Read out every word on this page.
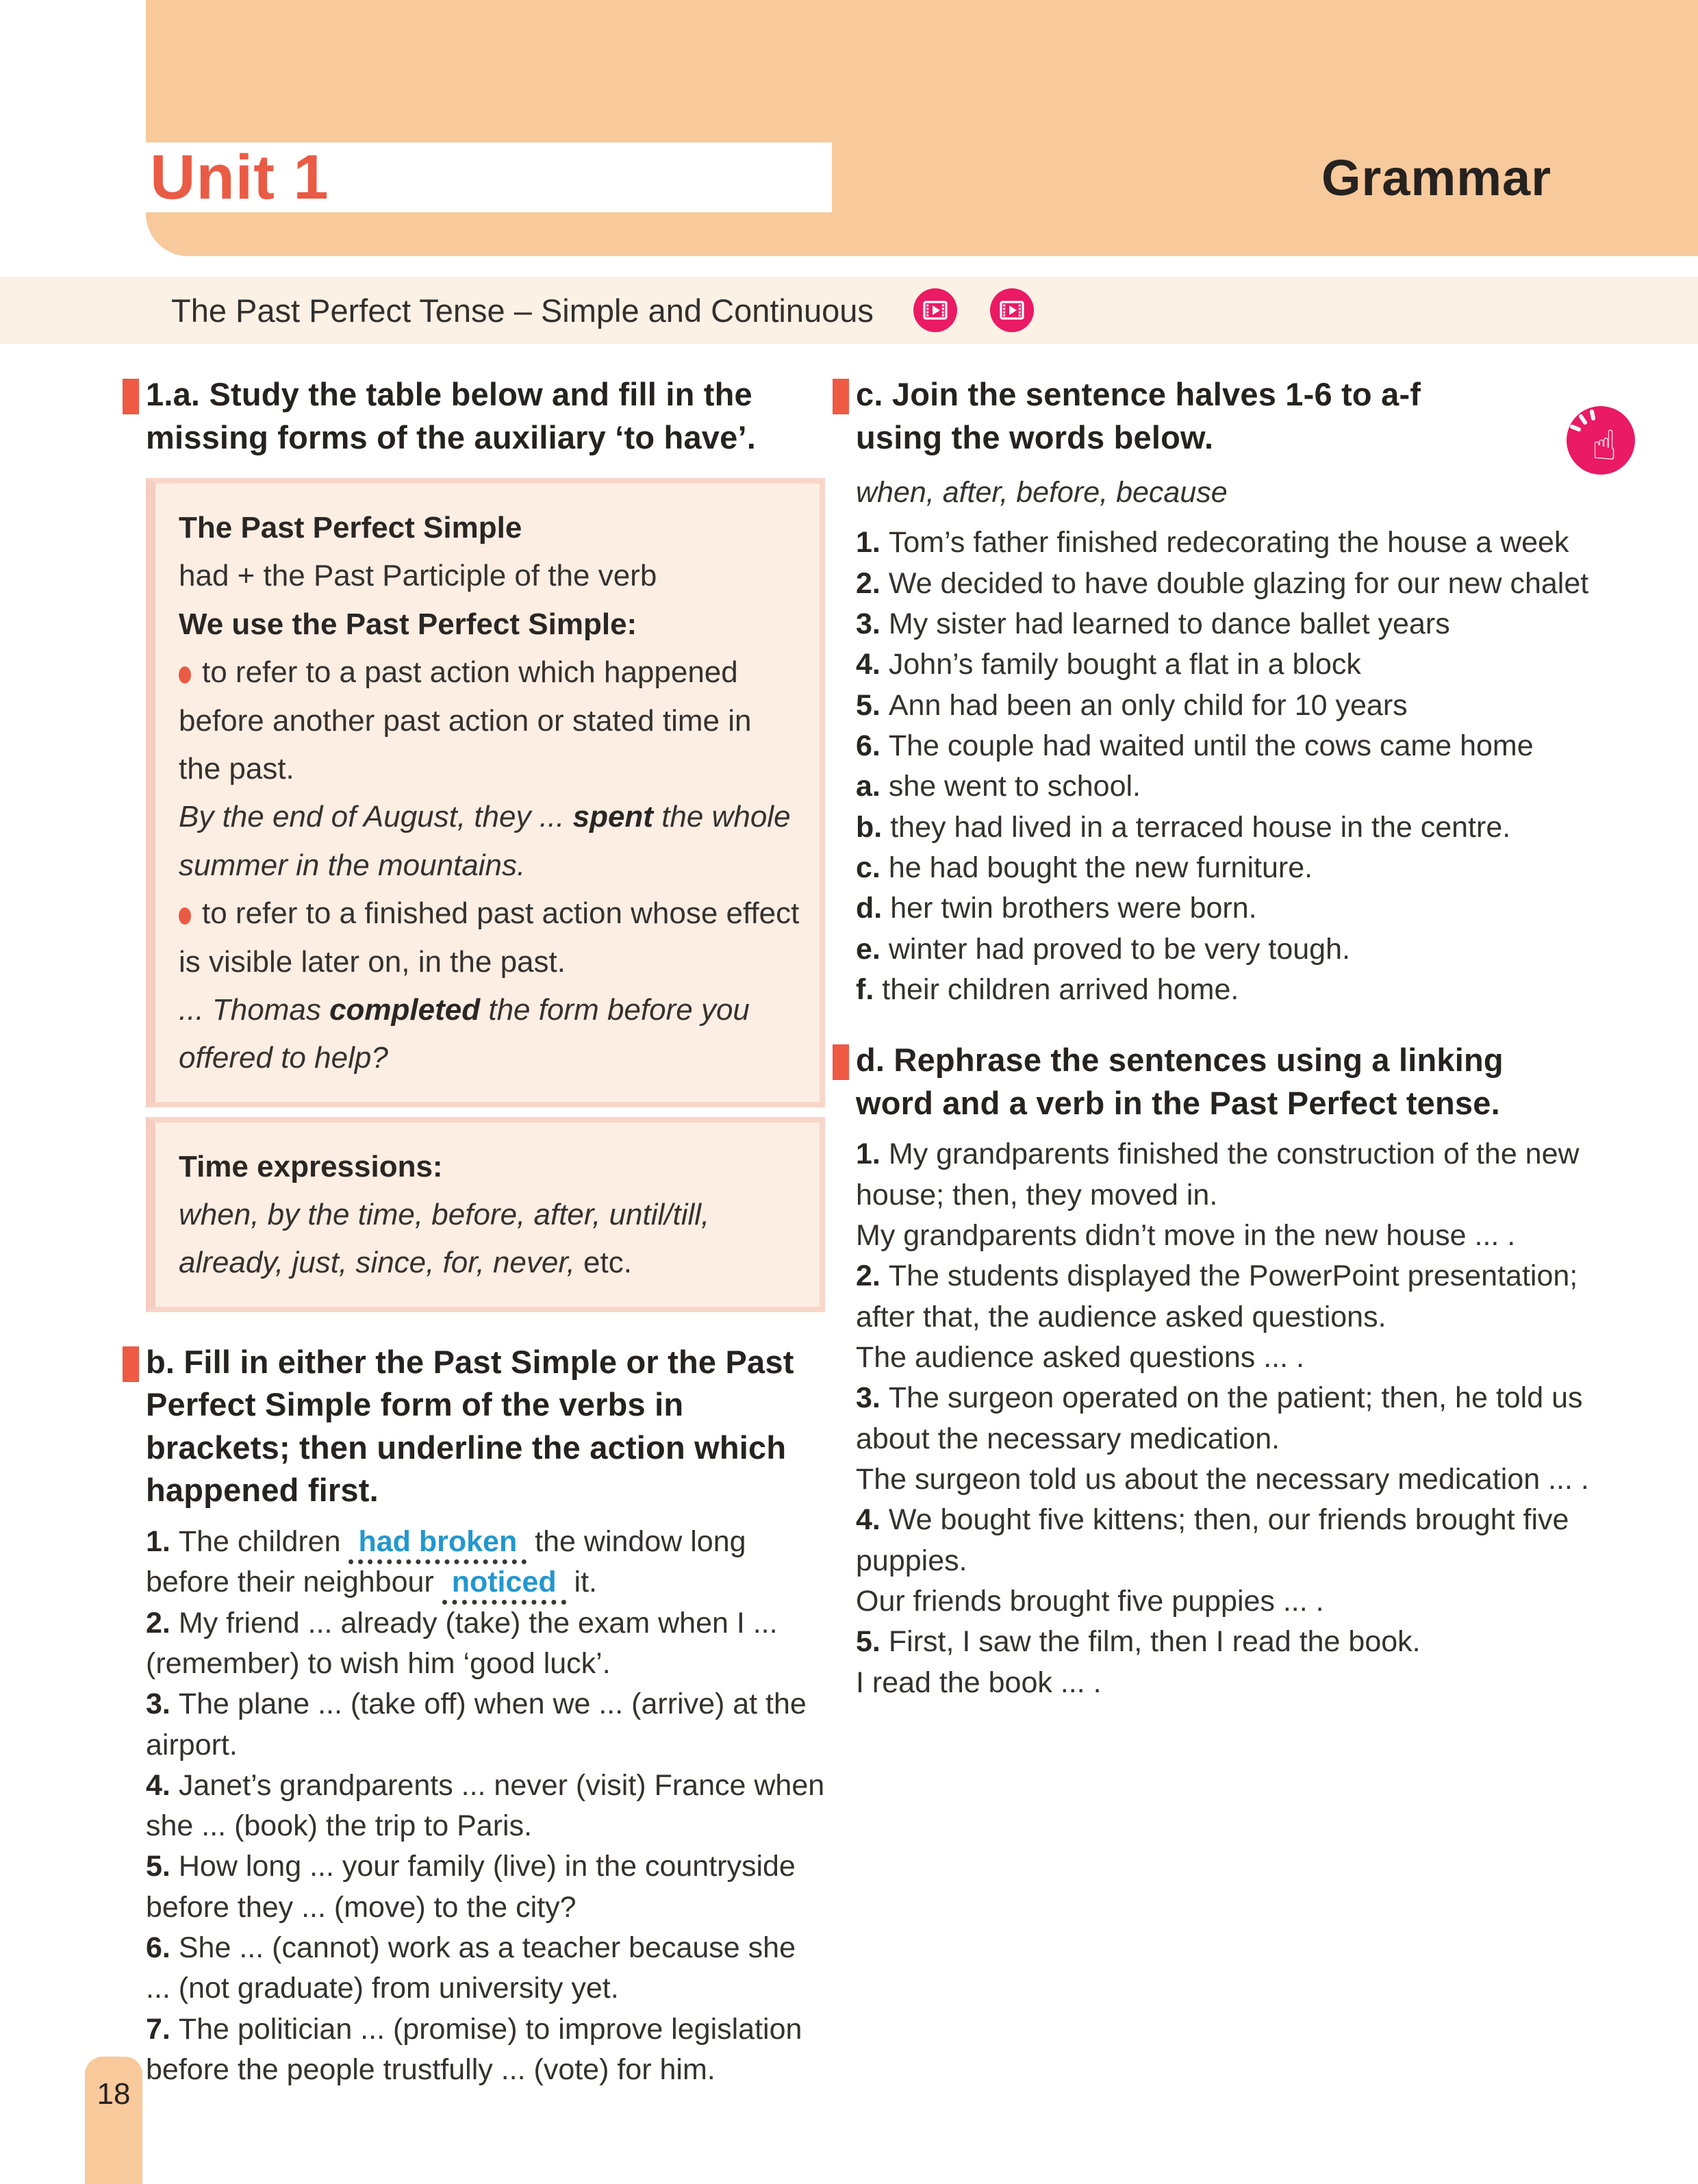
Unit 1	Grammar
The Past Perfect Tense – Simple and Continuous
1.a. Study the table below and fill in the missing forms of the auxiliary ‘to have’.

The Past Perfect Simple

had + the Past Participle of the verb

We use the Past Perfect Simple:

to refer to a past action which happened before another past action or stated time in the past.

By the end of August, they ... spent the whole summer in the mountains.

to refer to a finished past action whose effect is visible later on, in the past.

... Thomas completed the form before you offered to help?

Time expressions:

when, by the time, before, after, until/till, already, just, since, for, never, etc.

b. Fill in either the Past Simple or the Past Perfect Simple form of the verbs in brackets; then underline the action which happened first.

1. The children had broken the window long before their neighbour noticed it.

2. My friend ... already (take) the exam when I ... (remember) to wish him ‘good luck’.

3. The plane ... (take off) when we ... (arrive) at the airport.

4. Janet’s grandparents ... never (visit) France when she ... (book) the trip to Paris.

5. How long ... your family (live) in the countryside before they ... (move) to the city?

6. She ... (cannot) work as a teacher because she ... (not graduate) from university yet.

7. The politician ... (promise) to improve legislation before the people trustfully ... (vote) for him.

c. Join the sentence halves 1-6 to a-f using the words below.	☝

when, after, before, because

1. Tom’s father finished redecorating the house a week

2. We decided to have double glazing for our new chalet

3. My sister had learned to dance ballet years

4. John’s family bought a flat in a block

5. Ann had been an only child for 10 years

6. The couple had waited until the cows came home

a. she went to school.

b. they had lived in a terraced house in the centre.

c. he had bought the new furniture.

d. her twin brothers were born.

e. winter had proved to be very tough.

f. their children arrived home.

d. Rephrase the sentences using a linking word and a verb in the Past Perfect tense.

1. My grandparents finished the construction of the new house; then, they moved in.

My grandparents didn’t move in the new house ... .

2. The students displayed the PowerPoint presentation; after that, the audience asked questions.

The audience asked questions ... .

3. The surgeon operated on the patient; then, he told us about the necessary medication.

The surgeon told us about the necessary medication ... .

4. We bought five kittens; then, our friends brought five puppies.

Our friends brought five puppies ... .

5. First, I saw the film, then I read the book.

I read the book ... .

18
